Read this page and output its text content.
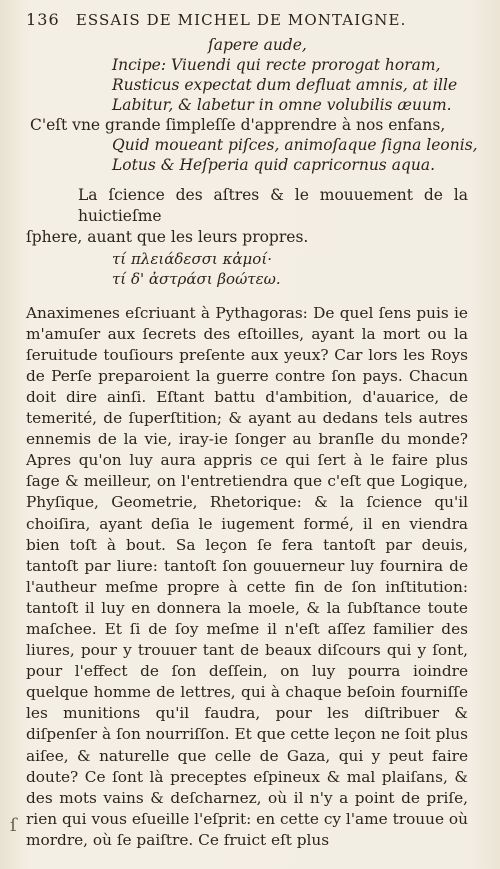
136 ESSAIS DE MICHEL DE MONTAIGNE.
ſapere aude,
Incipe: Viuendi qui recte prorogat horam,
Rusticus expectat dum defluat amnis, at ille
Labitur, & labetur in omne volubilis æuum.
C'eſt vne grande ſimpleſſe d'apprendre à nos enfans,
Quid moueant piſces, animoſaque ſigna leonis,
Lotus & Heſperia quid capricornus aqua.
La ſcience des aſtres & le mouuement de la huictieſme
ſphere, auant que les leurs propres.
τί πλειάδεσσι κἀμοί·
τί δ' ἀστράσι βοώτεω.

Anaximenes eſcriuant à Pythagoras: De quel ſens puis ie m'amuſer aux ſecrets des eſtoilles, ayant la mort ou la ſeruitude touſiours preſente aux yeux? Car lors les Roys de Perſe preparoient la guerre contre ſon pays. Chacun doit dire ainſi. Eſtant battu d'ambition, d'auarice, de temerité, de ſuperſtition; & ayant au dedans tels autres ennemis de la vie, iray-ie ſonger au branſle du monde? Apres qu'on luy aura appris ce qui ſert à le faire plus ſage & meilleur, on l'entretiendra que c'eſt que Logique, Phyſique, Geometrie, Rhetorique: & la ſcience qu'il choiſira, ayant deſia le iugement formé, il en viendra bien toſt à bout. Sa leçon ſe fera tantoſt par deuis, tantoſt par liure: tantoſt ſon gouuerneur luy fournira de l'autheur meſme propre à cette fin de ſon inſtitution: tantoſt il luy en donnera la moele, & la ſubſtance toute maſchee. Et ſi de ſoy meſme il n'eſt aſſez familier des liures, pour y trouuer tant de beaux diſcours qui y ſont, pour l'effect de ſon deſſein, on luy pourra ioindre quelque homme de lettres, qui à chaque beſoin fourniſſe les munitions qu'il faudra, pour les diſtribuer & diſpenſer à ſon nourriſſon. Et que cette leçon ne ſoit plus aiſee, & naturelle que celle de Gaza, qui y peut faire doute? Ce ſont là preceptes eſpineux & mal plaiſans, & des mots vains & deſcharnez, où il n'y a point de priſe, rien qui vous eſueille l'eſprit: en cette cy l'ame trouue où mordre, où ſe paiſtre. Ce fruict eſt plus

ſ
